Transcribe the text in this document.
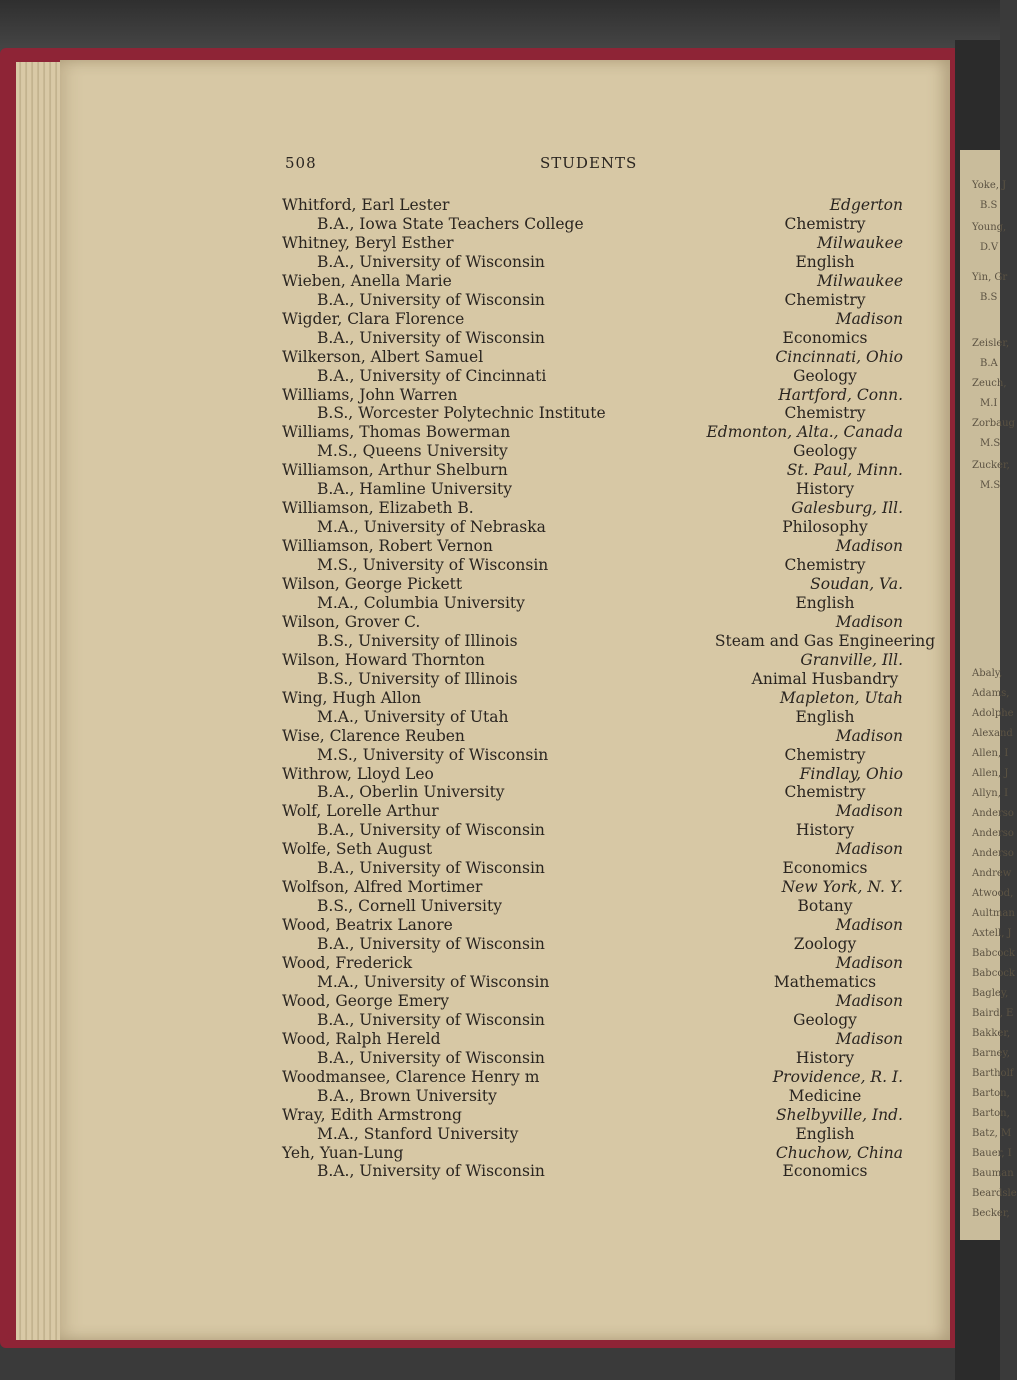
Yoke, J
B.S
Young,
D.V
Yin, Gr
B.S
Zeisler,
B.A
Zeuch,
M.I
Zorbaug
M.S
Zucker,
M.S
Abaly,
Adams,
Adolphe
Alexand
Allen, I
Allen, J
Allyn, I
Anderso
Anderso
Anderso
Andrew
Atwood,
Aultman
Axtell, J
Babcock
Babcock
Bagley,
Baird, E
Bakker,
Barney,
Bartholf
Barton,
Barton,
Batz, M
Bauer, I
Bauman
Beardsle
Becker,
508	STUDENTS
Whitford, Earl Lester	Edgerton
B.A., Iowa State Teachers College	Chemistry
Whitney, Beryl Esther	Milwaukee
B.A., University of Wisconsin	English
Wieben, Anella Marie	Milwaukee
B.A., University of Wisconsin	Chemistry
Wigder, Clara Florence	Madison
B.A., University of Wisconsin	Economics
Wilkerson, Albert Samuel	Cincinnati, Ohio
B.A., University of Cincinnati	Geology
Williams, John Warren	Hartford, Conn.
B.S., Worcester Polytechnic Institute	Chemistry
Williams, Thomas Bowerman	Edmonton, Alta., Canada
M.S., Queens University	Geology
Williamson, Arthur Shelburn	St. Paul, Minn.
B.A., Hamline University	History
Williamson, Elizabeth B.	Galesburg, Ill.
M.A., University of Nebraska	Philosophy
Williamson, Robert Vernon	Madison
M.S., University of Wisconsin	Chemistry
Wilson, George Pickett	Soudan, Va.
M.A., Columbia University	English
Wilson, Grover C.	Madison
B.S., University of Illinois	Steam and Gas Engineering
Wilson, Howard Thornton	Granville, Ill.
B.S., University of Illinois	Animal Husbandry
Wing, Hugh Allon	Mapleton, Utah
M.A., University of Utah	English
Wise, Clarence Reuben	Madison
M.S., University of Wisconsin	Chemistry
Withrow, Lloyd Leo	Findlay, Ohio
B.A., Oberlin University	Chemistry
Wolf, Lorelle Arthur	Madison
B.A., University of Wisconsin	History
Wolfe, Seth August	Madison
B.A., University of Wisconsin	Economics
Wolfson, Alfred Mortimer	New York, N. Y.
B.S., Cornell University	Botany
Wood, Beatrix Lanore	Madison
B.A., University of Wisconsin	Zoology
Wood, Frederick	Madison
M.A., University of Wisconsin	Mathematics
Wood, George Emery	Madison
B.A., University of Wisconsin	Geology
Wood, Ralph Hereld	Madison
B.A., University of Wisconsin	History
Woodmansee, Clarence Henry m	Providence, R. I.
B.A., Brown University	Medicine
Wray, Edith Armstrong	Shelbyville, Ind.
M.A., Stanford University	English
Yeh, Yuan-Lung	Chuchow, China
B.A., University of Wisconsin	Economics
